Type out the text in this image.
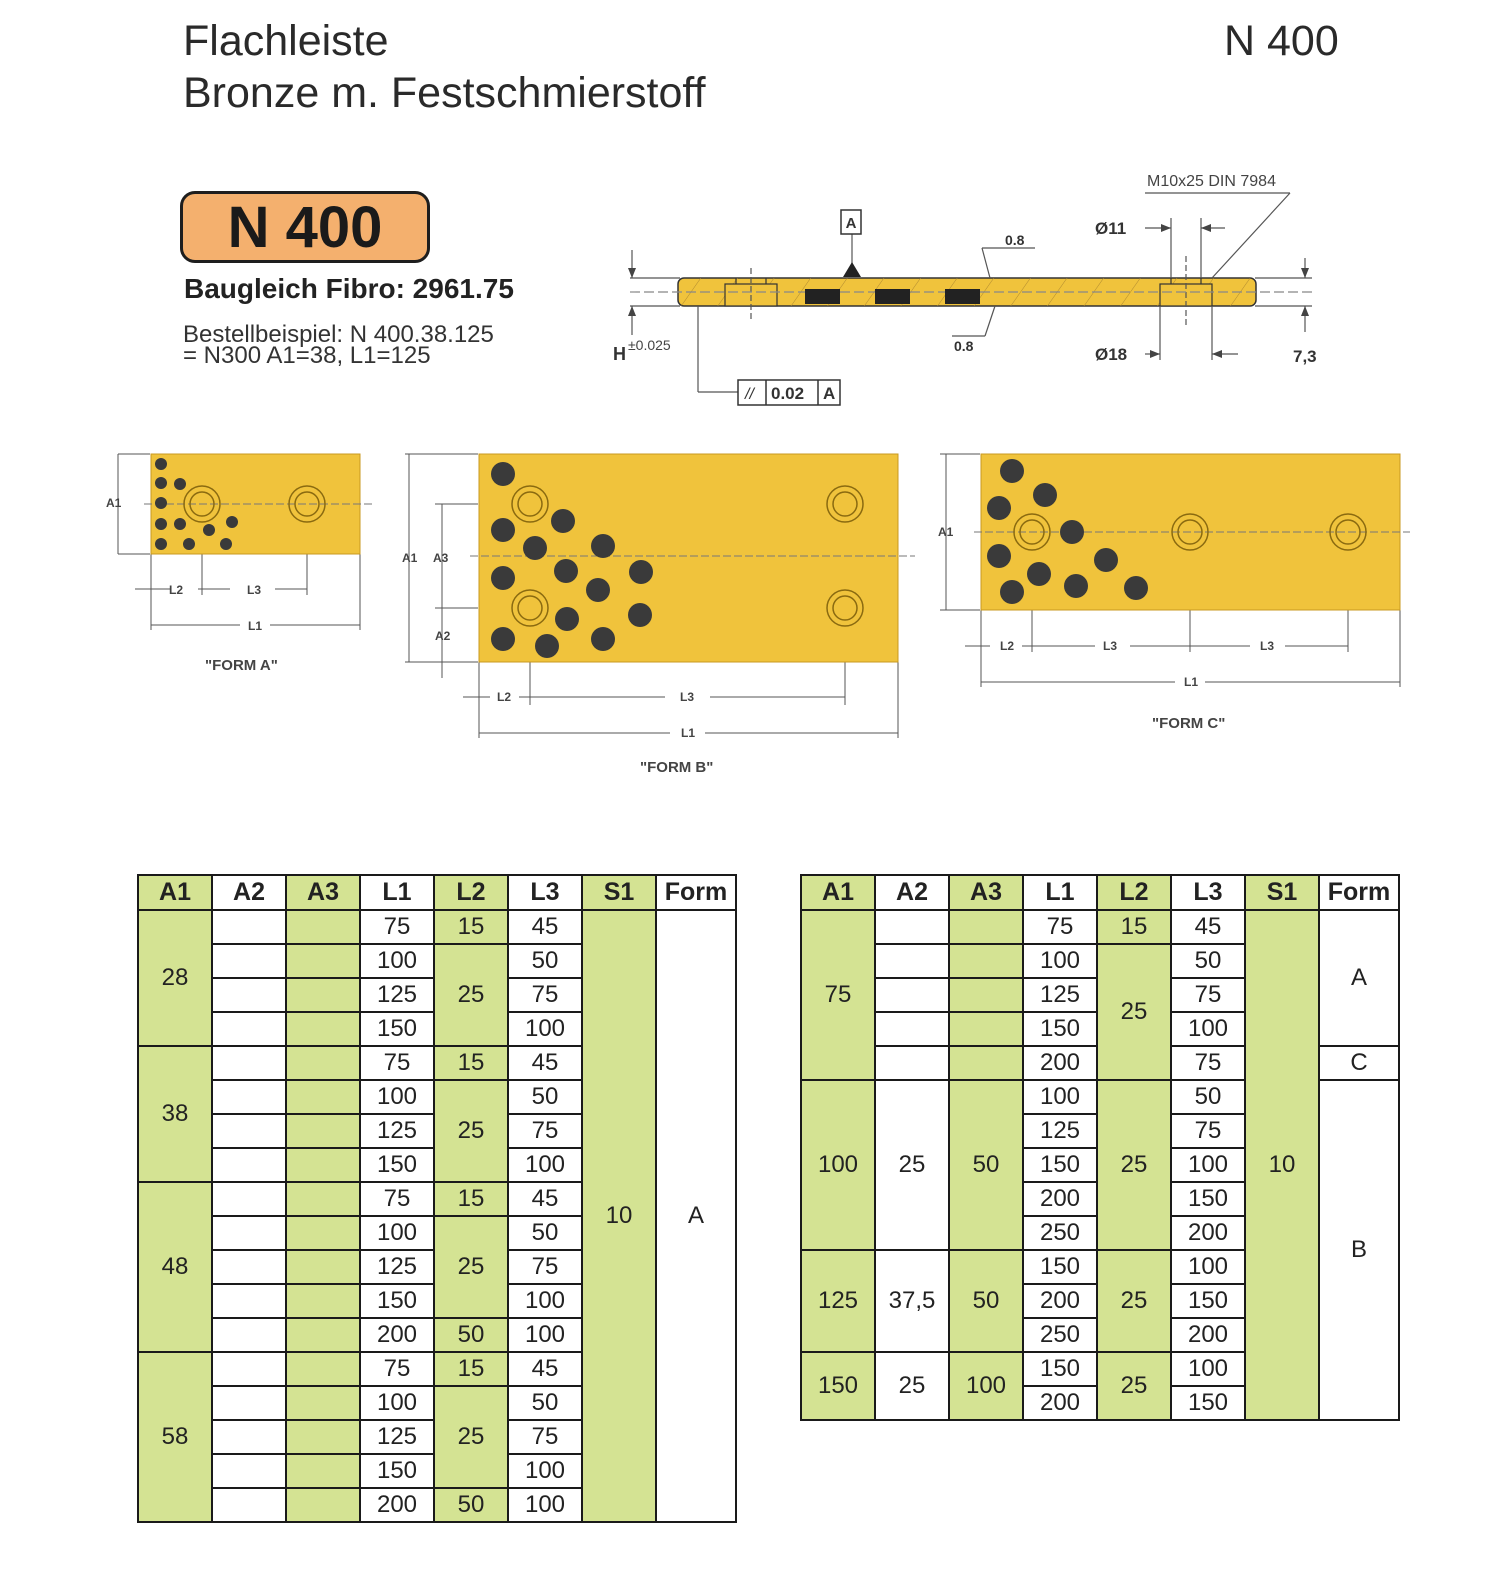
Flachleiste
Bronze m. Festschmierstoff
N 400
N 400
Baugleich Fibro: 2961.75
Bestellbeispiel: N 400.38.125
= N300 A1=38, L1=125
A
M10x25 DIN 7984
Ø11
Ø18
0.8
0.8
H ±0.025
7,3
// 0.02 A
A1
L2	L3
L1
"FORM A"
A1 A3
A2
L2	L3
L1
"FORM B"
A1
L2	L3	L3
L1
"FORM C"
A1	A2	A3	L1	L2	L3	S1	Form
28			75	15	45	10	A
			100	25	50		
			125		75		
			150		100		
38			75	15	45		
			100	25	50		
			125		75		
			150		100		
48			75	15	45		
			100	25	50		
			125		75		
			150		100		
			200	50	100		
58			75	15	45		
			100	25	50		
			125		75		
			150		100		
			200	50	100		
A1	A2	A3	L1	L2	L3	S1	Form
75			75	15	45	10	A
			100	25	50		
			125		75		
			150		100		
			200		75		C
100	25	50	100	25	50		B
			125		75		
			150		100		
			200		150		
			250		200		
125	37,5	50	150	25	100		
			200		150		
			250		200		
150	25	100	150	25	100		
			200		150		
